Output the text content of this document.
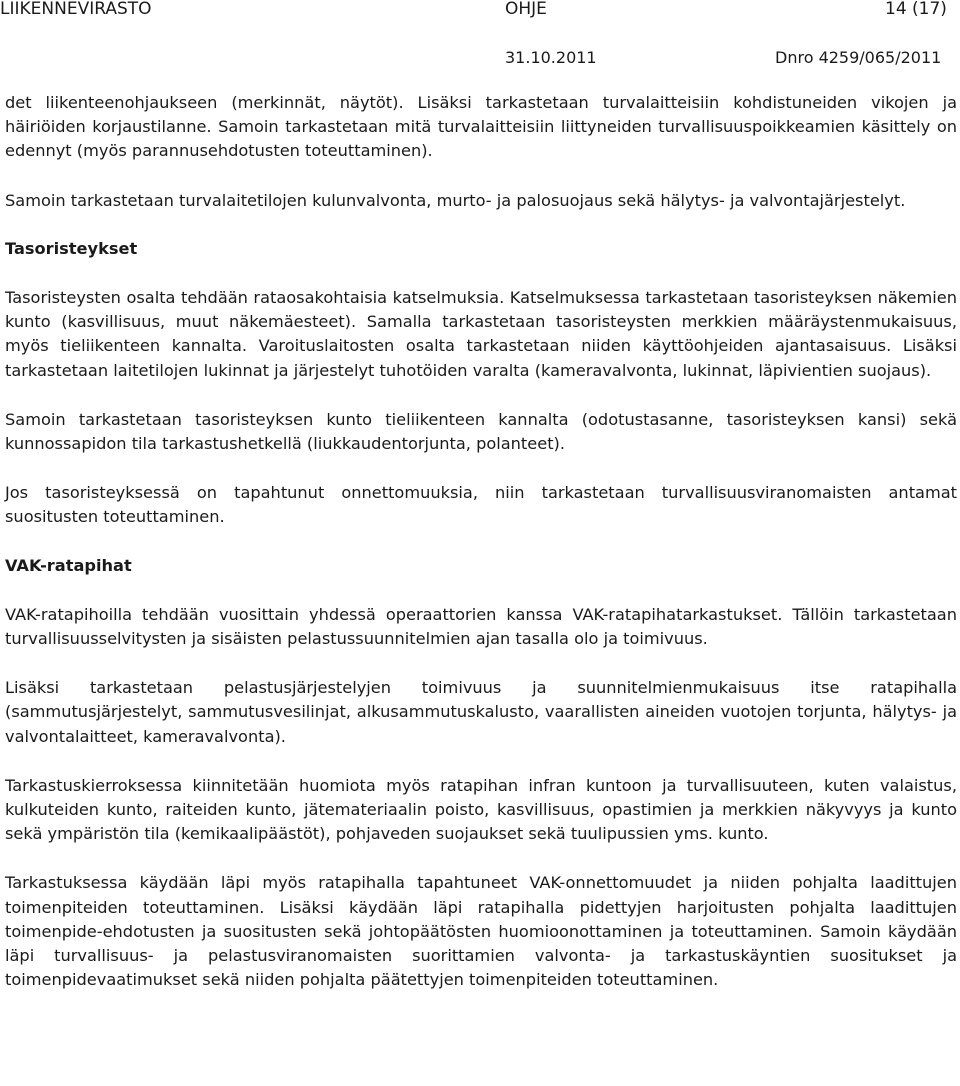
LIIKENNEVIRASTO	OHJE	14 (17)
31.10.2011	Dnro 4259/065/2011

det liikenteenohjaukseen (merkinnät, näytöt). Lisäksi tarkastetaan turvalaitteisiin kohdistuneiden vikojen ja häiriöiden korjaustilanne. Samoin tarkastetaan mitä turvalaitteisiin liittyneiden turvallisuuspoikkeamien käsittely on edennyt (myös parannusehdotusten toteuttaminen).

Samoin tarkastetaan turvalaitetilojen kulunvalvonta, murto- ja palosuojaus sekä hälytys- ja valvontajärjestelyt.

Tasoristeykset

Tasoristeysten osalta tehdään rataosakohtaisia katselmuksia. Katselmuksessa tarkastetaan tasoristeyksen näkemien kunto (kasvillisuus, muut näkemäesteet). Samalla tarkastetaan tasoristeysten merkkien määräystenmukaisuus, myös tieliikenteen kannalta. Varoituslaitosten osalta tarkastetaan niiden käyttöohjeiden ajantasaisuus. Lisäksi tarkastetaan laitetilojen lukinnat ja järjestelyt tuhotöiden varalta (kameravalvonta, lukinnat, läpivientien suojaus).

Samoin tarkastetaan tasoristeyksen kunto tieliikenteen kannalta (odotustasanne, tasoristeyksen kansi) sekä kunnossapidon tila tarkastushetkellä (liukkaudentorjunta, polanteet).

Jos tasoristeyksessä on tapahtunut onnettomuuksia, niin tarkastetaan turvallisuusviranomaisten antamat suositusten toteuttaminen.

VAK-ratapihat

VAK-ratapihoilla tehdään vuosittain yhdessä operaattorien kanssa VAK-ratapihatarkastukset. Tällöin tarkastetaan turvallisuusselvitysten ja sisäisten pelastussuunnitelmien ajan tasalla olo ja toimivuus.

Lisäksi tarkastetaan pelastusjärjestelyjen toimivuus ja suunnitelmienmukaisuus itse ratapihalla (sammutusjärjestelyt, sammutusvesilinjat, alkusammutuskalusto, vaarallisten aineiden vuotojen torjunta, hälytys- ja valvontalaitteet, kameravalvonta).

Tarkastuskierroksessa kiinnitetään huomiota myös ratapihan infran kuntoon ja turvallisuuteen, kuten valaistus, kulkuteiden kunto, raiteiden kunto, jätemateriaalin poisto, kasvillisuus, opastimien ja merkkien näkyvyys ja kunto sekä ympäristön tila (kemikaalipäästöt), pohjaveden suojaukset sekä tuulipussien yms. kunto.

Tarkastuksessa käydään läpi myös ratapihalla tapahtuneet VAK-onnettomuudet ja niiden pohjalta laadittujen toimenpiteiden toteuttaminen. Lisäksi käydään läpi ratapihalla pidettyjen harjoitusten pohjalta laadittujen toimenpide-ehdotusten ja suositusten sekä johtopäätösten huomioonottaminen ja toteuttaminen. Samoin käydään läpi turvallisuus- ja pelastusviranomaisten suorittamien valvonta- ja tarkastuskäyntien suositukset ja toimenpidevaatimukset sekä niiden pohjalta päätettyjen toimenpiteiden toteuttaminen.
